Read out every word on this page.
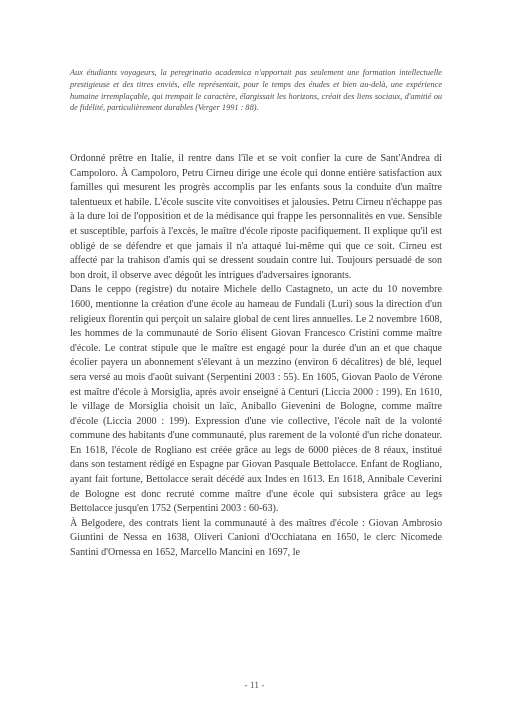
Aux étudiants voyageurs, la peregrinatio academica n'apportait pas seulement une formation intellectuelle prestigieuse et des titres enviés, elle représentait, pour le temps des études et bien au-delà, une expérience humaine irremplaçable, qui trempait le caractère, élargissait les horizons, créait des liens sociaux, d'amitié ou de fidélité, particulièrement durables (Verger 1991 : 88).

Ordonné prêtre en Italie, il rentre dans l'île et se voit confier la cure de Sant'Andrea di Campoloro. À Campoloro, Petru Cirneu dirige une école qui donne entière satisfaction aux familles qui mesurent les progrès accomplis par les enfants sous la conduite d'un maître talentueux et habile. L'école suscite vite convoitises et jalousies. Petru Cirneu n'échappe pas à la dure loi de l'opposition et de la médisance qui frappe les personnalités en vue. Sensible et susceptible, parfois à l'excès, le maître d'école riposte pacifiquement. Il explique qu'il est obligé de se défendre et que jamais il n'a attaqué lui-même qui que ce soit. Cirneu est affecté par la trahison d'amis qui se dressent soudain contre lui. Toujours persuadé de son bon droit, il observe avec dégoût les intrigues d'adversaires ignorants.

Dans le ceppo (registre) du notaire Michele dello Castagneto, un acte du 10 novembre 1600, mentionne la création d'une école au hameau de Fundali (Luri) sous la direction d'un religieux florentin qui perçoit un salaire global de cent lires annuelles. Le 2 novembre 1608, les hommes de la communauté de Sorio élisent Giovan Francesco Cristini comme maître d'école. Le contrat stipule que le maître est engagé pour la durée d'un an et que chaque écolier payera un abonnement s'élevant à un mezzino (environ 6 décalitres) de blé, lequel sera versé au mois d'août suivant (Serpentini 2003 : 55). En 1605, Giovan Paolo de Vérone est maître d'école à Morsiglia, après avoir enseigné à Centuri (Liccia 2000 : 199). En 1610, le village de Morsiglia choisit un laïc, Aniballo Gievenini de Bologne, comme maître d'école (Liccia 2000 : 199). Expression d'une vie collective, l'école naît de la volonté commune des habitants d'une communauté, plus rarement de la volonté d'un riche donateur. En 1618, l'école de Rogliano est créée grâce au legs de 6000 pièces de 8 réaux, institué dans son testament rédigé en Espagne par Giovan Pasquale Bettolacce. Enfant de Rogliano, ayant fait fortune, Bettolacce serait décédé aux Indes en 1613. En 1618, Annibale Ceverini de Bologne est donc recruté comme maître d'une école qui subsistera grâce au legs Bettolacce jusqu'en 1752 (Serpentini 2003 : 60-63).

À Belgodere, des contrats lient la communauté à des maîtres d'école : Giovan Ambrosio Giuntini de Nessa en 1638, Oliveri Canioni d'Occhiatana en 1650, le clerc Nicomede Santini d'Ornessa en 1652, Marcello Mancini en 1697, le

- 11 -
